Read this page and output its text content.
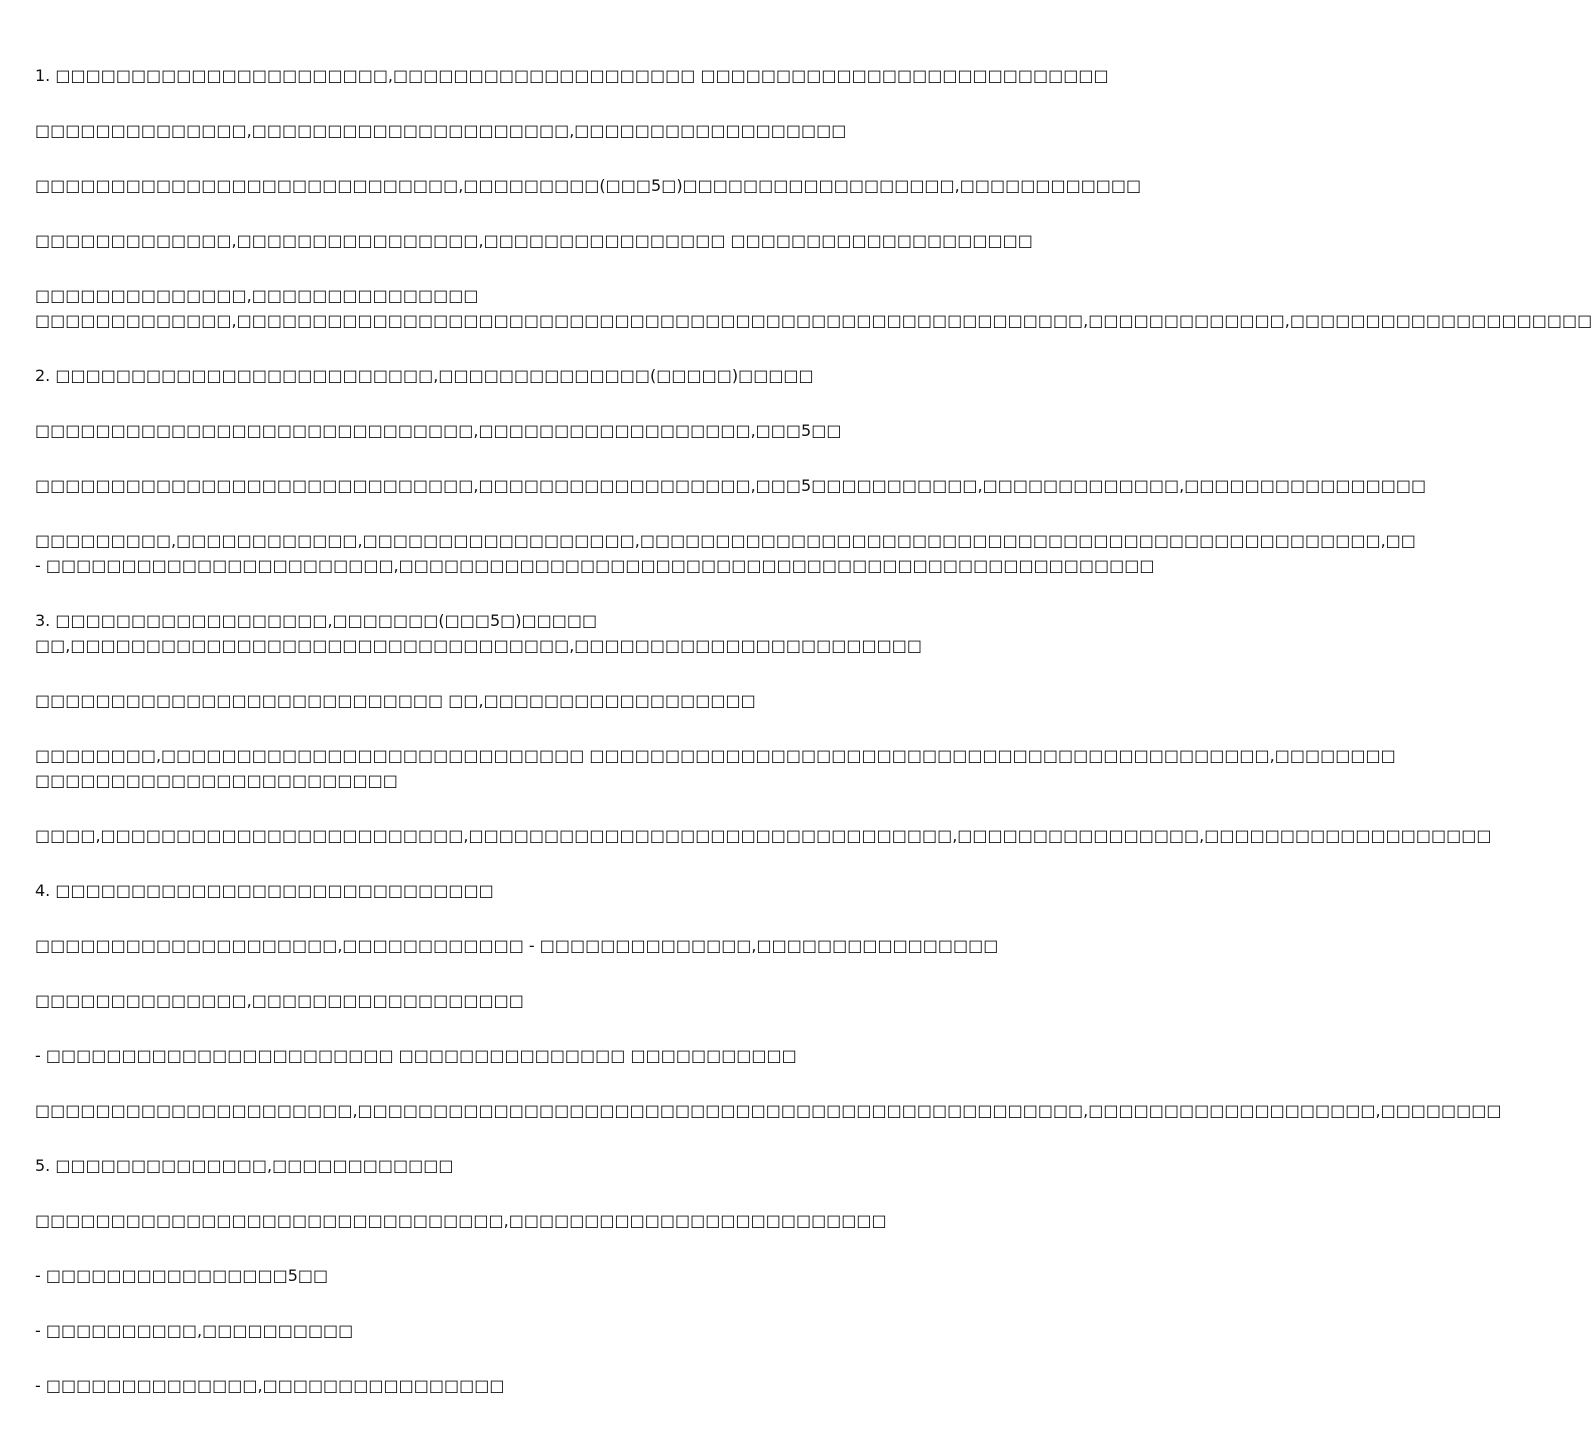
1. □□□□□□□□□□□□□□□□□□□□□□,□□□□□□□□□□□□□□□□□□□□ □□□□□□□□□□□□□□□□□□□□□□□□□□□
□□□□□□□□□□□□□□,□□□□□□□□□□□□□□□□□□□□□,□□□□□□□□□□□□□□□□□□
□□□□□□□□□□□□□□□□□□□□□□□□□□□□,□□□□□□□□□(□□□5□)□□□□□□□□□□□□□□□□□□,□□□□□□□□□□□□
□□□□□□□□□□□□□,□□□□□□□□□□□□□□□□,□□□□□□□□□□□□□□□□ □□□□□□□□□□□□□□□□□□□□
□□□□□□□□□□□□□□,□□□□□□□□□□□□□□□
□□□□□□□□□□□□□,□□□□□□□□□□□□□□□□□□□□□□□□□□□□□□□□□□□□□□□□□□□□□□□□□□□□□□□□,□□□□□□□□□□□□□,□□□□□□□□□□□□□□□□□□□□
2. □□□□□□□□□□□□□□□□□□□□□□□□□,□□□□□□□□□□□□□□(□□□□□)□□□□□
□□□□□□□□□□□□□□□□□□□□□□□□□□□□□,□□□□□□□□□□□□□□□□□□,□□□5□□
□□□□□□□□□□□□□□□□□□□□□□□□□□□□□,□□□□□□□□□□□□□□□□□□,□□□5□□□□□□□□□□□,□□□□□□□□□□□□□,□□□□□□□□□□□□□□□□
□□□□□□□□□,□□□□□□□□□□□□,□□□□□□□□□□□□□□□□□□,□□□□□□□□□□□□□□□□□□□□□□□□□□□□□□□□□□□□□□□□□□□□□□□□□,□□
- □□□□□□□□□□□□□□□□□□□□□□□,□□□□□□□□□□□□□□□□□□□□□□□□□□□□□□□□□□□□□□□□□□□□□□□□□□
3. □□□□□□□□□□□□□□□□□□,□□□□□□□(□□□5□)□□□□□
□□,□□□□□□□□□□□□□□□□□□□□□□□□□□□□□□□□□,□□□□□□□□□□□□□□□□□□□□□□□
□□□□□□□□□□□□□□□□□□□□□□□□□□□ □□,□□□□□□□□□□□□□□□□□□
□□□□□□□□,□□□□□□□□□□□□□□□□□□□□□□□□□□□□ □□□□□□□□□□□□□□□□□□□□□□□□□□□□□□□□□□□□□□□□□□□□□,□□□□□□□□
□□□□□□□□□□□□□□□□□□□□□□□□
□□□□,□□□□□□□□□□□□□□□□□□□□□□□□,□□□□□□□□□□□□□□□□□□□□□□□□□□□□□□□□,□□□□□□□□□□□□□□□□,□□□□□□□□□□□□□□□□□□□
4. □□□□□□□□□□□□□□□□□□□□□□□□□□□□□
□□□□□□□□□□□□□□□□□□□□,□□□□□□□□□□□□ - □□□□□□□□□□□□□□,□□□□□□□□□□□□□□□□
□□□□□□□□□□□□□□,□□□□□□□□□□□□□□□□□□
- □□□□□□□□□□□□□□□□□□□□□□□ □□□□□□□□□□□□□□□ □□□□□□□□□□□
□□□□□□□□□□□□□□□□□□□□□,□□□□□□□□□□□□□□□□□□□□□□□□□□□□□□□□□□□□□□□□□□□□□□□□,□□□□□□□□□□□□□□□□□□□,□□□□□□□□
5. □□□□□□□□□□□□□□,□□□□□□□□□□□□
□□□□□□□□□□□□□□□□□□□□□□□□□□□□□□□,□□□□□□□□□□□□□□□□□□□□□□□□□
- □□□□□□□□□□□□□□□□5□□
- □□□□□□□□□□,□□□□□□□□□□
- □□□□□□□□□□□□□□,□□□□□□□□□□□□□□□□
